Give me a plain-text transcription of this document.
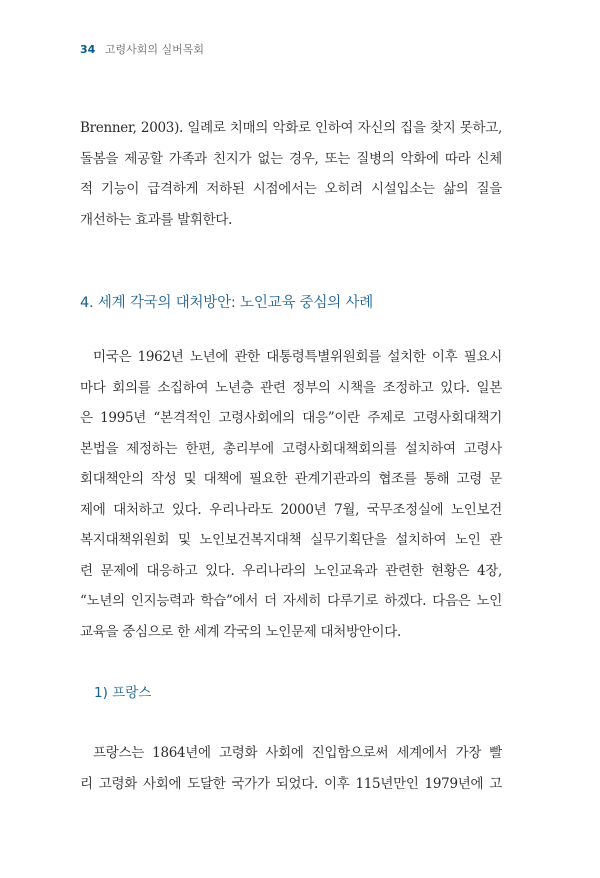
34 고령사회의 실버목회
Brenner, 2003). 일례로 치매의 악화로 인하여 자신의 집을 찾지 못하고,
돌봄을 제공할 가족과 친지가 없는 경우, 또는 질병의 악화에 따라 신체
적 기능이 급격하게 저하된 시점에서는 오히려 시설입소는 삶의 질을
개선하는 효과를 발휘한다.
4. 세계 각국의 대처방안: 노인교육 중심의 사례
미국은 1962년 노년에 관한 대통령특별위원회를 설치한 이후 필요시
마다 회의를 소집하여 노년층 관련 정부의 시책을 조정하고 있다. 일본
은 1995년 “본격적인 고령사회에의 대응”이란 주제로 고령사회대책기
본법을 제정하는 한편, 총리부에 고령사회대책회의를 설치하여 고령사
회대책안의 작성 및 대책에 필요한 관계기관과의 협조를 통해 고령 문
제에 대처하고 있다. 우리나라도 2000년 7월, 국무조정실에 노인보건
복지대책위원회 및 노인보건복지대책 실무기획단을 설치하여 노인 관
련 문제에 대응하고 있다. 우리나라의 노인교육과 관련한 현황은 4장,
“노년의 인지능력과 학습”에서 더 자세히 다루기로 하겠다. 다음은 노인
교육을 중심으로 한 세계 각국의 노인문제 대처방안이다.
1) 프랑스
프랑스는 1864년에 고령화 사회에 진입함으로써 세계에서 가장 빨
리 고령화 사회에 도달한 국가가 되었다. 이후 115년만인 1979년에 고
